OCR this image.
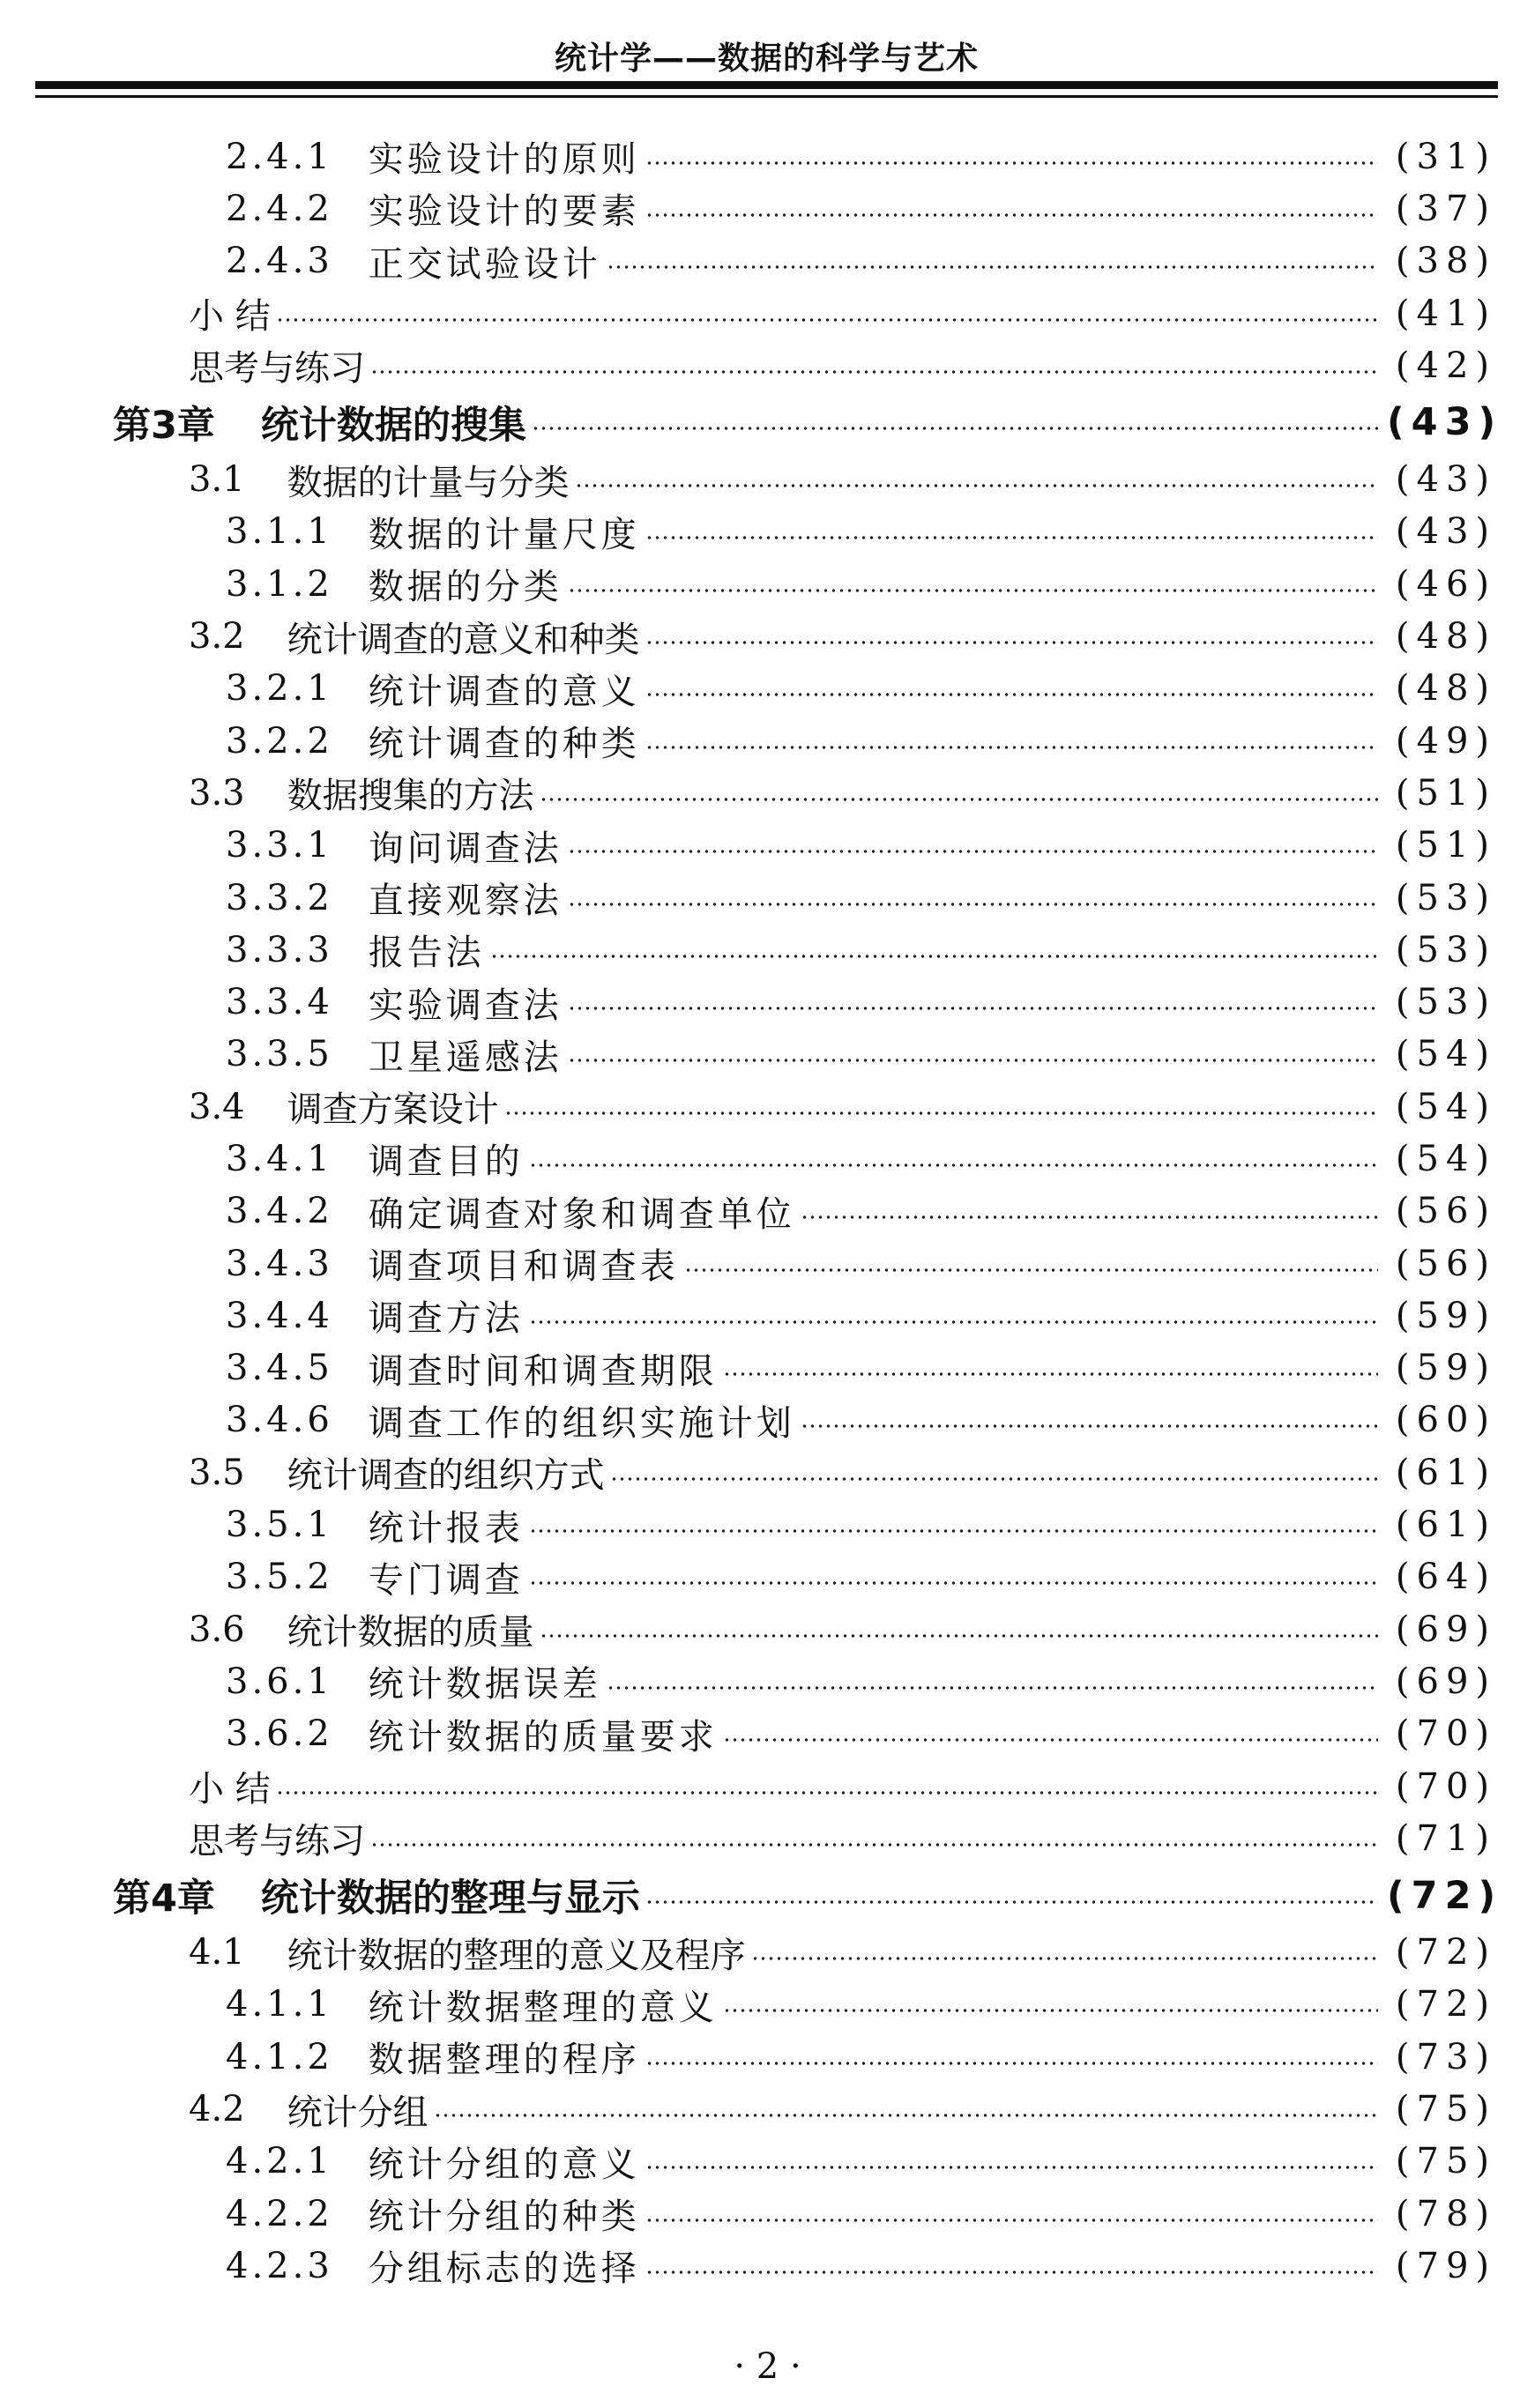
统计学——数据的科学与艺术
2.4.1 实验设计的原则	(31)
2.4.2 实验设计的要素	(37)
2.4.3 正交试验设计	(38)
小 结	(41)
思考与练习	(42)
第3章 统计数据的搜集	(43)
3.1 数据的计量与分类	(43)
3.1.1 数据的计量尺度	(43)
3.1.2 数据的分类	(46)
3.2 统计调查的意义和种类	(48)
3.2.1 统计调查的意义	(48)
3.2.2 统计调查的种类	(49)
3.3 数据搜集的方法	(51)
3.3.1 询问调查法	(51)
3.3.2 直接观察法	(53)
3.3.3 报告法	(53)
3.3.4 实验调查法	(53)
3.3.5 卫星遥感法	(54)
3.4 调查方案设计	(54)
3.4.1 调查目的	(54)
3.4.2 确定调查对象和调查单位	(56)
3.4.3 调查项目和调查表	(56)
3.4.4 调查方法	(59)
3.4.5 调查时间和调查期限	(59)
3.4.6 调查工作的组织实施计划	(60)
3.5 统计调查的组织方式	(61)
3.5.1 统计报表	(61)
3.5.2 专门调查	(64)
3.6 统计数据的质量	(69)
3.6.1 统计数据误差	(69)
3.6.2 统计数据的质量要求	(70)
小 结	(70)
思考与练习	(71)
第4章 统计数据的整理与显示	(72)
4.1 统计数据的整理的意义及程序	(72)
4.1.1 统计数据整理的意义	(72)
4.1.2 数据整理的程序	(73)
4.2 统计分组	(75)
4.2.1 统计分组的意义	(75)
4.2.2 统计分组的种类	(78)
4.2.3 分组标志的选择	(79)
· 2 ·
